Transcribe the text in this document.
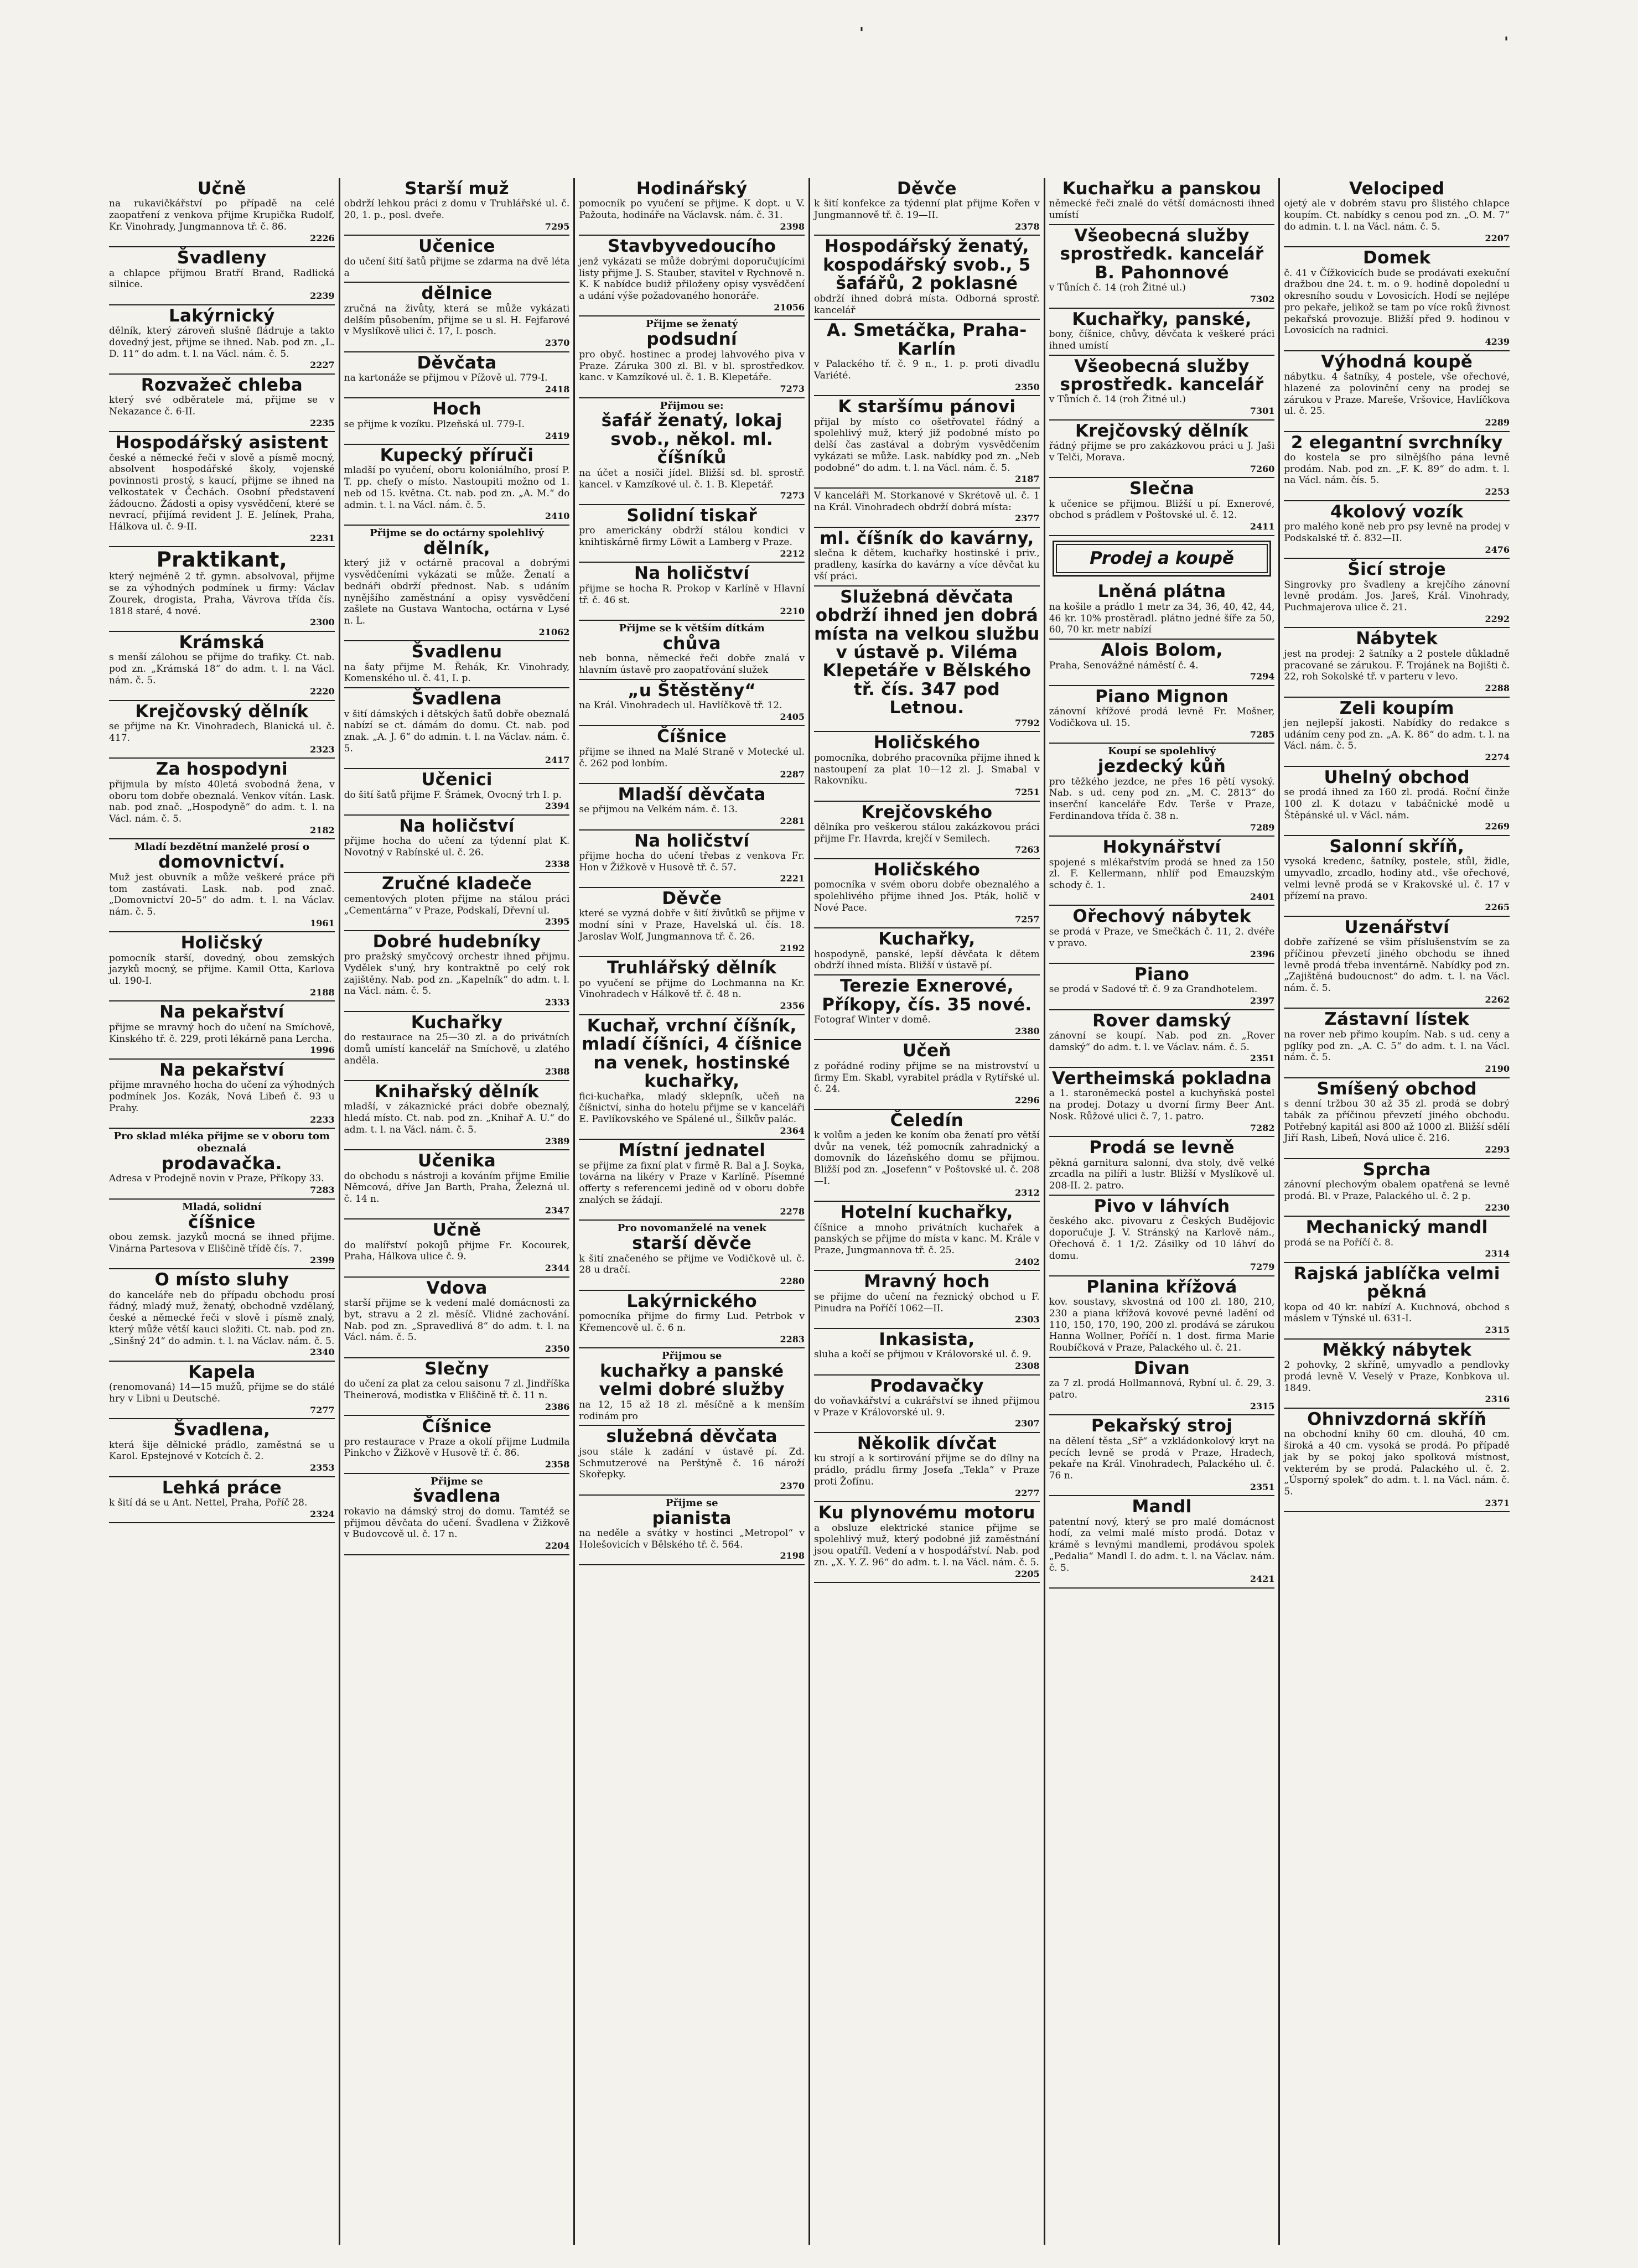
'
'
Učně
na rukavičkářství po případě na celé zaopatření z venkova přijme Krupička Rudolf, Kr. Vinohrady, Jungmannova tř. č. 86.
2226
Švadleny
a chlapce přijmou Bratří Brand, Radlická silnice.
2239
Lakýrnický
dělník, který zároveň slušně fládruje a takto dovedný jest, přijme se ihned. Nab. pod zn. „L. D. 11“ do adm. t. l. na Václ. nám. č. 5.
2227
Rozvažeč chleba
který své odběratele má, přijme se v Nekazance č. 6-II.
2235
Hospodářský asistent
české a německé řeči v slově a písmě mocný, absolvent hospodářské školy, vojenské povinnosti prostý, s kaucí, přijme se ihned na velkostatek v Čechách. Osobní představení žádoucno. Žádosti a opisy vysvědčení, které se nevrací, přijímá revident J. E. Jelínek, Praha, Hálkova ul. č. 9-II.
2231
Praktikant,
který nejméně 2 tř. gymn. absolvoval, přijme se za výhodných podmínek u firmy: Václav Zourek, drogista, Praha, Vávrova třída čís. 1818 staré, 4 nové.
2300
Krámská
s menší zálohou se přijme do trafiky. Ct. nab. pod zn. „Krámská 18“ do adm. t. l. na Václ. nám. č. 5.
2220
Krejčovský dělník
se přijme na Kr. Vinohradech, Blanická ul. č. 417.
2323
Za hospodyni
přijmula by místo 40letá svobodná žena, v oboru tom dobře obeznalá. Venkov vítán. Lask. nab. pod znač. „Hospodyně“ do adm. t. l. na Václ. nám. č. 5.
2182
Mladí bezdětní manželé prosí o
domovnictví.
Muž jest obuvník a může veškeré práce při tom zastávati. Lask. nab. pod znač. „Domovnictví 20–5“ do adm. t. l. na Václav. nám. č. 5.
1961
Holičský
pomocník starší, dovedný, obou zemských jazyků mocný, se přijme. Kamil Otta, Karlova ul. 190-I.
2188
Na pekařství
přijme se mravný hoch do učení na Smíchově, Kinského tř. č. 229, proti lékárně pana Lercha.
1996
Na pekařství
přijme mravného hocha do učení za výhodných podmínek Jos. Kozák, Nová Libeň č. 93 u Prahy.
2233
Pro sklad mléka přijme se v oboru tom obeznalá
prodavačka.
Adresa v Prodejně novin v Praze, Příkopy 33.
7283
Mladá, solidní
číšnice
obou zemsk. jazyků mocná se ihned přijme. Vinárna Partesova v Eliščině třídě čís. 7.
2399
O místo sluhy
do kanceláře neb do případu obchodu prosí řádný, mladý muž, ženatý, obchodně vzdělaný, české a německé řeči v slově i písmě znalý, který může větší kauci složiti. Ct. nab. pod zn. „Sinšný 24“ do admin. t. l. na Václav. nám. č. 5.
2340
Kapela
(renomovaná) 14—15 mužů, přijme se do stálé hry v Libni u Deutsché.
7277
Švadlena,
která šije dělnické prádlo, zaměstná se u Karol. Epstejnové v Kotcích č. 2.
2353
Lehká práce
k šití dá se u Ant. Nettel, Praha, Poříč 28.
2324
Starší muž
obdrží lehkou práci z domu v Truhlářské ul. č. 20, 1. p., posl. dveře.
7295
Učenice
do učení šití šatů přijme se zdarma na dvě léta a
dělnice
zručná na živůty, která se může vykázati delším působením, přijme se u sl. H. Fejfarové v Myslíkově ulici č. 17, I. posch.
2370
Děvčata
na kartonáže se přijmou v Pížově ul. 779-I.
2418
Hoch
se přijme k vozíku. Plzeňská ul. 779-I.
2419
Kupecký příruči
mladší po vyučení, oboru koloniálního, prosí P. T. pp. chefy o místo. Nastoupiti možno od 1. neb od 15. května. Ct. nab. pod zn. „A. M.“ do admin. t. l. na Václ. nám. č. 5.
2410
Přijme se do octárny spolehlivý
dělník,
který již v octárně pracoval a dobrými vysvědčeními vykázati se může. Ženatí a bednáři obdrží přednost. Nab. s udáním nynějšího zaměstnání a opisy vysvědčení zašlete na Gustava Wantocha, octárna v Lysé n. L.
21062
Švadlenu
na šaty přijme M. Řehák, Kr. Vinohrady, Komenského ul. č. 41, I. p.
Švadlena
v šití dámských i dětských šatů dobře obeznalá nabízí se ct. dámám do domu. Ct. nab. pod znak. „A. J. 6“ do admin. t. l. na Václav. nám. č. 5.
2417
Učenici
do šití šatů přijme F. Šrámek, Ovocný trh I. p.
2394
Na holičství
přijme hocha do učení za týdenní plat K. Novotný v Rabínské ul. č. 26.
2338
Zručné kladeče
cementových ploten přijme na stálou práci „Cementárna“ v Praze, Podskalí, Dřevní ul.
2395
Dobré hudebníky
pro pražský smyčcový orchestr ihned přijmu. Vydělek s'uný, hry kontraktně po celý rok zajištěny. Nab. pod zn. „Kapelník“ do adm. t. l. na Václ. nám. č. 5.
2333
Kuchařky
do restaurace na 25—30 zl. a do privátních domů umístí kancelář na Smíchově, u zlatého anděla.
2388
Knihařský dělník
mladší, v zákaznické práci dobře obeznalý, hledá místo. Ct. nab. pod zn. „Knihař A. U.“ do adm. t. l. na Václ. nám. č. 5.
2389
Učenika
do obchodu s nástroji a kováním přijme Emilie Němcová, dříve Jan Barth, Praha, Železná ul. č. 14 n.
2347
Učně
do malířství pokojů přijme Fr. Kocourek, Praha, Hálkova ulice č. 9.
2344
Vdova
starší přijme se k vedení malé domácnosti za byt, stravu a 2 zl. měsíč. Vlidné zachování. Nab. pod zn. „Spravedlivá 8“ do adm. t. l. na Václ. nám. č. 5.
2350
Slečny
do učení za plat za celou saisonu 7 zl. Jindříška Theinerová, modistka v Eliščině tř. č. 11 n.
2386
Číšnice
pro restaurace v Praze a okolí přijme Ludmila Pinkcho v Žižkově v Husově tř. č. 86.
2358
Přijme se
švadlena
rokavio na dámský stroj do domu. Tamtéž se přijmou děvčata do učení. Švadlena v Žižkově v Budovcově ul. č. 17 n.
2204
Hodinářský
pomocník po vyučení se přijme. K dopt. u V. Pažouta, hodináře na Václavsk. nám. č. 31.
2398
Stavbyvedoucího
jenž vykázati se může dobrými doporučujícími listy přijme J. S. Stauber, stavitel v Rychnově n. K. K nabídce budiž přiloženy opisy vysvědčení a udání výše požadovaného honoráře.
21056
Přijme se ženatý
podsudní
pro obyč. hostinec a prodej lahvového piva v Praze. Záruka 300 zl. Bl. v bl. sprostředkov. kanc. v Kamzíkové ul. č. 1. B. Klepetáře.
7273
Přijmou se:
šafář ženatý, lokaj svob., někol. ml. číšníků
na účet a nosiči jídel. Bližší sd. bl. sprostř. kancel. v Kamzíkové ul. č. 1. B. Klepetář.
7273
Solidní tiskař
pro americkány obdrží stálou kondici v knihtiskárně firmy Löwit a Lamberg v Praze.
2212
Na holičství
přijme se hocha R. Prokop v Karlíně v Hlavní tř. č. 46 st.
2210
Přijme se k větším dítkám
chůva
neb bonna, německé řeči dobře znalá v hlavním ústavě pro zaopatřování služek
„u Štěstěny“
na Král. Vinohradech ul. Havlíčkově tř. 12.
2405
Číšnice
přijme se ihned na Malé Straně v Motecké ul. č. 262 pod lonbím.
2287
Mladší děvčata
se přijmou na Velkém nám. č. 13.
2281
Na holičství
přijme hocha do učení třebas z venkova Fr. Hon v Žižkově v Husově tř. č. 57.
2221
Děvče
které se vyzná dobře v šití živůtků se přijme v modní síni v Praze, Havelská ul. čís. 18. Jaroslav Wolf, Jungmannova tř. č. 26.
2192
Truhlářský dělník
po vyučení se přijme do Lochmanna na Kr. Vinohradech v Hálkově tř. č. 48 n.
2356
Kuchař, vrchní číšník, mladí číšníci, 4 číšnice na venek, hostinské kuchařky,
fici-kuchařka, mladý sklepník, učeň na číšnictví, sinha do hotelu přijme se v kanceláři E. Pavlíkovského ve Spálené ul., Šilkův palác.
2364
Místní jednatel
se přijme za fixní plat v firmě R. Bal a J. Soyka, továrna na likéry v Praze v Karlíně. Písemné offerty s referencemi jedině od v oboru dobře znalých se žádají.
2278
Pro novomanželé na venek
starší děvče
k šití značeného se přijme ve Vodičkově ul. č. 28 u dračí.
2280
Lakýrnického
pomocníka přijme do firmy Lud. Petrbok v Křemencově ul. č. 6 n.
2283
Přijmou se
kuchařky a panské velmi dobré služby
na 12, 15 až 18 zl. měsíčně a k menším rodinám pro
služebná děvčata
jsou stále k zadání v ústavě pí. Zd. Schmutzerové na Perštýně č. 16 nároží Skořepky.
2370
Přijme se
pianista
na neděle a svátky v hostinci „Metropol“ v Holešovicích v Bělského tř. č. 564.
2198
Děvče
k šití konfekce za týdenní plat přijme Kořen v Jungmannově tř. č. 19—II.
2378
Hospodářský ženatý, kospodářský svob., 5 šafářů, 2 poklasné
obdrží ihned dobrá místa. Odborná sprostř. kancelář
A. Smetáčka, Praha-Karlín
v Palackého tř. č. 9 n., 1. p. proti divadlu Variété.
2350
K staršímu pánovi
přijal by místo co ošetřovatel řádný a spolehlivý muž, který již podobné místo po delší čas zastával a dobrým vysvědčením vykázati se může. Lask. nabídky pod zn. „Neb podobné“ do adm. t. l. na Václ. nám. č. 5.
2187
V kanceláři M. Storkanové v Skrétově ul. č. 1 na Král. Vinohradech obdrží dobrá místa:
2377
ml. číšník do kavárny,
slečna k dětem, kuchařky hostinské i priv., pradleny, kasírka do kavárny a více děvčat ku vší práci.
Služebná děvčata obdrží ihned jen dobrá místa na velkou službu v ústavě p. Viléma Klepetáře v Bělského tř. čís. 347 pod Letnou.
7792
Holičského
pomocníka, dobrého pracovníka přijme ihned k nastoupení za plat 10—12 zl. J. Smabal v Rakovníku.
7251
Krejčovského
dělníka pro veškerou stálou zakázkovou práci přijme Fr. Havrda, krejčí v Semilech.
7263
Holičského
pomocníka v svém oboru dobře obeznalého a spolehlivého přijme ihned Jos. Pták, holič v Nové Pace.
7257
Kuchařky,
hospodyně, panské, lepší děvčata k dětem obdrží ihned místa. Bližší v ústavě pí.
Terezie Exnerové, Příkopy, čís. 35 nové.
Fotograf Winter v domě.
2380
Učeň
z pořádné rodiny přijme se na mistrovství u firmy Em. Skabl, vyrabitel prádla v Rytířské ul. č. 24.
2296
Čeledín
k volům a jeden ke koním oba ženatí pro větší dvůr na venek, též pomocník zahradnický a domovník do lázeňského domu se přijmou. Bližší pod zn. „Josefenn“ v Poštovské ul. č. 208—I.
2312
Hotelní kuchařky,
číšnice a mnoho privátních kuchařek a panských se přijme do místa v kanc. M. Krále v Praze, Jungmannova tř. č. 25.
2402
Mravný hoch
se přijme do učení na řeznický obchod u F. Pinudra na Poříčí 1062—II.
2303
Inkasista,
sluha a kočí se přijmou v Královorské ul. č. 9.
2308
Prodavačky
do voňavkářství a cukrářství se ihned přijmou v Praze v Královorské ul. 9.
2307
Několik dívčat
ku strojí a k sortirování přijme se do dílny na prádlo, prádlu firmy Josefa „Tekla“ v Praze proti Žofínu.
2277
Ku plynovému motoru
a obsluze elektrické stanice přijme se spolehlivý muž, který podobné již zaměstnání jsou opatříl. Vedení a v hospodářství. Nab. pod zn. „X. Y. Z. 96“ do adm. t. l. na Václ. nám. č. 5.
2205
Kuchařku a panskou
německé řeči znalé do větší domácnosti ihned umístí
Všeobecná služby sprostředk. kancelář B. Pahonnové
v Tůních č. 14 (roh Žitné ul.)
7302
Kuchařky, panské,
bony, číšnice, chůvy, děvčata k veškeré práci ihned umístí
Všeobecná služby sprostředk. kancelář
v Tůních č. 14 (roh Žitné ul.)
7301
Krejčovský dělník
řádný přijme se pro zakázkovou práci u J. Jaši v Telči, Morava.
7260
Slečna
k učenice se přijmou. Bližší u pí. Exnerové, obchod s prádlem v Poštovské ul. č. 12.
2411
Prodej a koupě
Lněná plátna
na košile a prádlo 1 metr za 34, 36, 40, 42, 44, 46 kr. 10% prostěradl. plátno jedné šíře za 50, 60, 70 kr. metr nabízí
Alois Bolom,
Praha, Senovážné náměstí č. 4.
7294
Piano Mignon
zánovní křížové prodá levně Fr. Mošner, Vodičkova ul. 15.
7285
Koupí se spolehlivý
jezdecký kůň
pro těžkého jezdce, ne přes 16 pětí vysoký. Nab. s ud. ceny pod zn. „M. C. 2813“ do inserční kanceláře Edv. Terše v Praze, Ferdinandova třída č. 38 n.
7289
Hokynářství
spojené s mlékařstvím prodá se hned za 150 zl. F. Kellermann, nhlíř pod Emauzským schody č. 1.
2401
Ořechový nábytek
se prodá v Praze, ve Smečkách č. 11, 2. dvéře v pravo.
2396
Piano
se prodá v Sadové tř. č. 9 za Grandhotelem.
2397
Rover damský
zánovní se koupí. Nab. pod zn. „Rover damský“ do adm. t. l. ve Václav. nám. č. 5.
2351
Vertheimská pokladna
a 1. staroněmecká postel a kuchyňská postel na prodej. Dotazy u dvorní firmy Beer Ant. Nosk. Růžové ulici č. 7, 1. patro.
7282
Prodá se levně
pěkná garnitura salonní, dva stoly, dvě velké zrcadla na pilíři a lustr. Bližší v Myslíkově ul. 208-II. 2. patro.
Pivo v láhvích
českého akc. pivovaru z Českých Budějovic doporučuje J. V. Stránský na Karlově nám., Ořechová č. 1 1/2. Zásilky od 10 láhví do domu.
7279
Planina křížová
kov. soustavy, skvostná od 100 zl. 180, 210, 230 a piana křížová kovové pevné ladění od 110, 150, 170, 190, 200 zl. prodává se zárukou Hanna Wollner, Poříčí n. 1 dost. firma Marie Roubíčková v Praze, Palackého ul. č. 21.
Divan
za 7 zl. prodá Hollmannová, Rybní ul. č. 29, 3. patro.
2315
Pekařský stroj
na dělení těsta „Sř“ a vzkládonkolový kryt na pecích levně se prodá v Praze, Hradech, pekaře na Král. Vinohradech, Palackého ul. č. 76 n.
2351
Mandl
patentní nový, který se pro malé domácnost hodí, za velmi malé místo prodá. Dotaz v krámě s levnými mandlemi, prodávou spolek „Pedalia“ Mandl I. do adm. t. l. na Václav. nám. č. 5.
2421
Velociped
ojetý ale v dobrém stavu pro šlistého chlapce koupím. Ct. nabídky s cenou pod zn. „O. M. 7“ do admin. t. l. na Václ. nám. č. 5.
2207
Domek
č. 41 v Čížkovicích bude se prodávati exekuční dražbou dne 24. t. m. o 9. hodině dopolední u okresního soudu v Lovosicích. Hodí se nejlépe pro pekaře, jelikož se tam po více roků živnost pekařská provozuje. Bližší před 9. hodinou v Lovosicích na radnici.
4239
Výhodná koupě
nábytku. 4 šatníky, 4 postele, vše ořechové, hlazené za polovinční ceny na prodej se zárukou v Praze. Mareše, Vršovice, Havlíčkova ul. č. 25.
2289
2 elegantní svrchníky
do kostela se pro silnějšího pána levně prodám. Nab. pod zn. „F. K. 89“ do adm. t. l. na Václ. nám. čís. 5.
2253
4kolový vozík
pro malého koně neb pro psy levně na prodej v Podskalské tř. č. 832—II.
2476
Šicí stroje
Singrovky pro švadleny a krejčího zánovní levně prodám. Jos. Jareš, Král. Vinohrady, Puchmajerova ulice č. 21.
2292
Nábytek
jest na prodej: 2 šatníky a 2 postele důkladně pracované se zárukou. F. Trojánek na Bojišti č. 22, roh Sokolské tř. v parteru v levo.
2288
Zeli koupím
jen nejlepší jakosti. Nabídky do redakce s udáním ceny pod zn. „A. K. 86“ do adm. t. l. na Václ. nám. č. 5.
2274
Uhelný obchod
se prodá ihned za 160 zl. prodá. Roční činže 100 zl. K dotazu v tabáčnické modě u Štěpánské ul. v Václ. nám.
2269
Salonní skříň,
vysoká kredenc, šatníky, postele, stůl, židle, umyvadlo, zrcadlo, hodiny atd., vše ořechové, velmi levně prodá se v Krakovské ul. č. 17 v přízemí na pravo.
2265
Uzenářství
dobře zařízené se všim příslušenstvím se za příčinou převzetí jiného obchodu se ihned levně prodá třeba inventárně. Nabídky pod zn. „Zajištěná budoucnost“ do adm. t. l. na Václ. nám. č. 5.
2262
Zástavní lístek
na rover neb přimo koupím. Nab. s ud. ceny a pglíky pod zn. „A. C. 5“ do adm. t. l. na Václ. nám. č. 5.
2190
Smíšený obchod
s denní tržbou 30 až 35 zl. prodá se dobrý tabák za příčinou převzetí jiného obchodu. Potřebný kapitál asi 800 až 1000 zl. Bližší sdělí Jiří Rash, Libeň, Nová ulice č. 216.
2293
Sprcha
zánovní plechovým obalem opatřená se levně prodá. Bl. v Praze, Palackého ul. č. 2 p.
2230
Mechanický mandl
prodá se na Poříčí č. 8.
2314
Rajská jablíčka velmi pěkná
kopa od 40 kr. nabízí A. Kuchnová, obchod s máslem v Týnské ul. 631-I.
2315
Měkký nábytek
2 pohovky, 2 skříně, umyvadlo a pendlovky prodá levně V. Veselý v Praze, Konbkova ul. 1849.
2316
Ohnivzdorná skříň
na obchodní knihy 60 cm. dlouhá, 40 cm. široká a 40 cm. vysoká se prodá. Po případě jak by se pokoj jako spolková místnost, vekterém by se prodá. Palackého ul. č. 2. „Úsporný spolek“ do adm. t. l. na Václ. nám. č. 5.
2371
